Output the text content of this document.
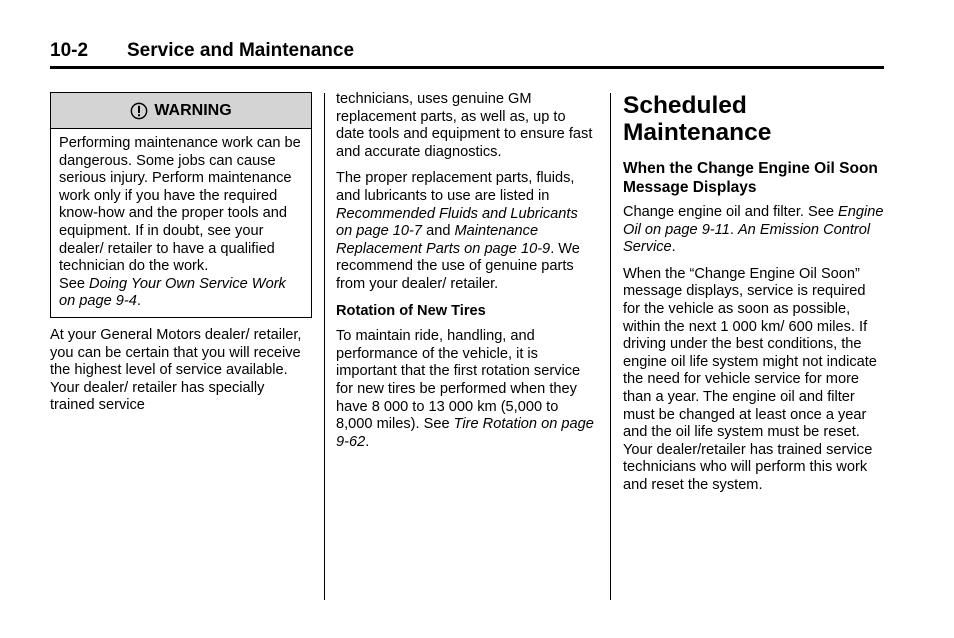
10-2 Service and Maintenance
WARNING

Performing maintenance work can be dangerous. Some jobs can cause serious injury. Perform maintenance work only if you have the required know-how and the proper tools and equipment. If in doubt, see your dealer/ retailer to have a qualified technician do the work.

See Doing Your Own Service Work on page 9-4.

At your General Motors dealer/ retailer, you can be certain that you will receive the highest level of service available. Your dealer/ retailer has specially trained service

technicians, uses genuine GM replacement parts, as well as, up to date tools and equipment to ensure fast and accurate diagnostics.

The proper replacement parts, fluids, and lubricants to use are listed in Recommended Fluids and Lubricants on page 10-7 and Maintenance Replacement Parts on page 10-9. We recommend the use of genuine parts from your dealer/ retailer.

Rotation of New Tires

To maintain ride, handling, and performance of the vehicle, it is important that the first rotation service for new tires be performed when they have 8 000 to 13 000 km (5,000 to 8,000 miles). See Tire Rotation on page 9-62.

Scheduled Maintenance
When the Change Engine Oil Soon Message Displays

Change engine oil and filter. See Engine Oil on page 9-11. An Emission Control Service.

When the “Change Engine Oil Soon” message displays, service is required for the vehicle as soon as possible, within the next 1 000 km/ 600 miles. If driving under the best conditions, the engine oil life system might not indicate the need for vehicle service for more than a year. The engine oil and filter must be changed at least once a year and the oil life system must be reset. Your dealer/retailer has trained service technicians who will perform this work and reset the system.
